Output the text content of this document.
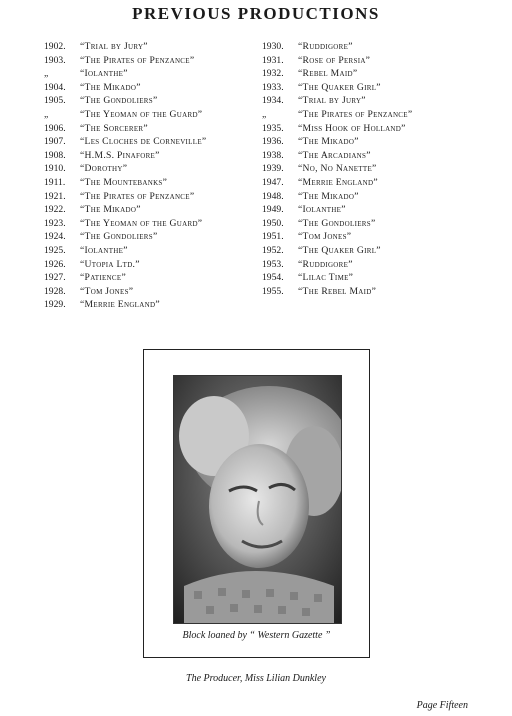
PREVIOUS PRODUCTIONS
1902. “Trial by Jury”
1903. “The Pirates of Penzance”
„	“Iolanthe”
1904. “The Mikado”
1905. “The Gondoliers”
„	“The Yeoman of the Guard”
1906. “The Sorcerer”
1907. “Les Cloches de Corneville”
1908. “H.M.S. Pinafore”
1910. “Dorothy”
1911. “The Mountebanks”
1921. “The Pirates of Penzance”
1922. “The Mikado”
1923. “The Yeoman of the Guard”
1924. “The Gondoliers”
1925. “Iolanthe”
1926. “Utopia Ltd.”
1927. “Patience”
1928. “Tom Jones”
1929. “Merrie England”
1930. “Ruddigore”
1931. “Rose of Persia”
1932. “Rebel Maid”
1933. “The Quaker Girl”
1934. “Trial by Jury”
„	“The Pirates of Penzance”
1935. “Miss Hook of Holland”
1936. “The Mikado”
1938. “The Arcadians”
1939. “No, No Nanette”
1947. “Merrie England”
1948. “The Mikado”
1949. “Iolanthe”
1950. “The Gondoliers”
1951. “Tom Jones”
1952. “The Quaker Girl”
1953. “Ruddigore”
1954. “Lilac Time”
1955. “The Rebel Maid”
Block loaned by “ Western Gazette ”
The Producer, Miss Lilian Dunkley
Page Fifteen
